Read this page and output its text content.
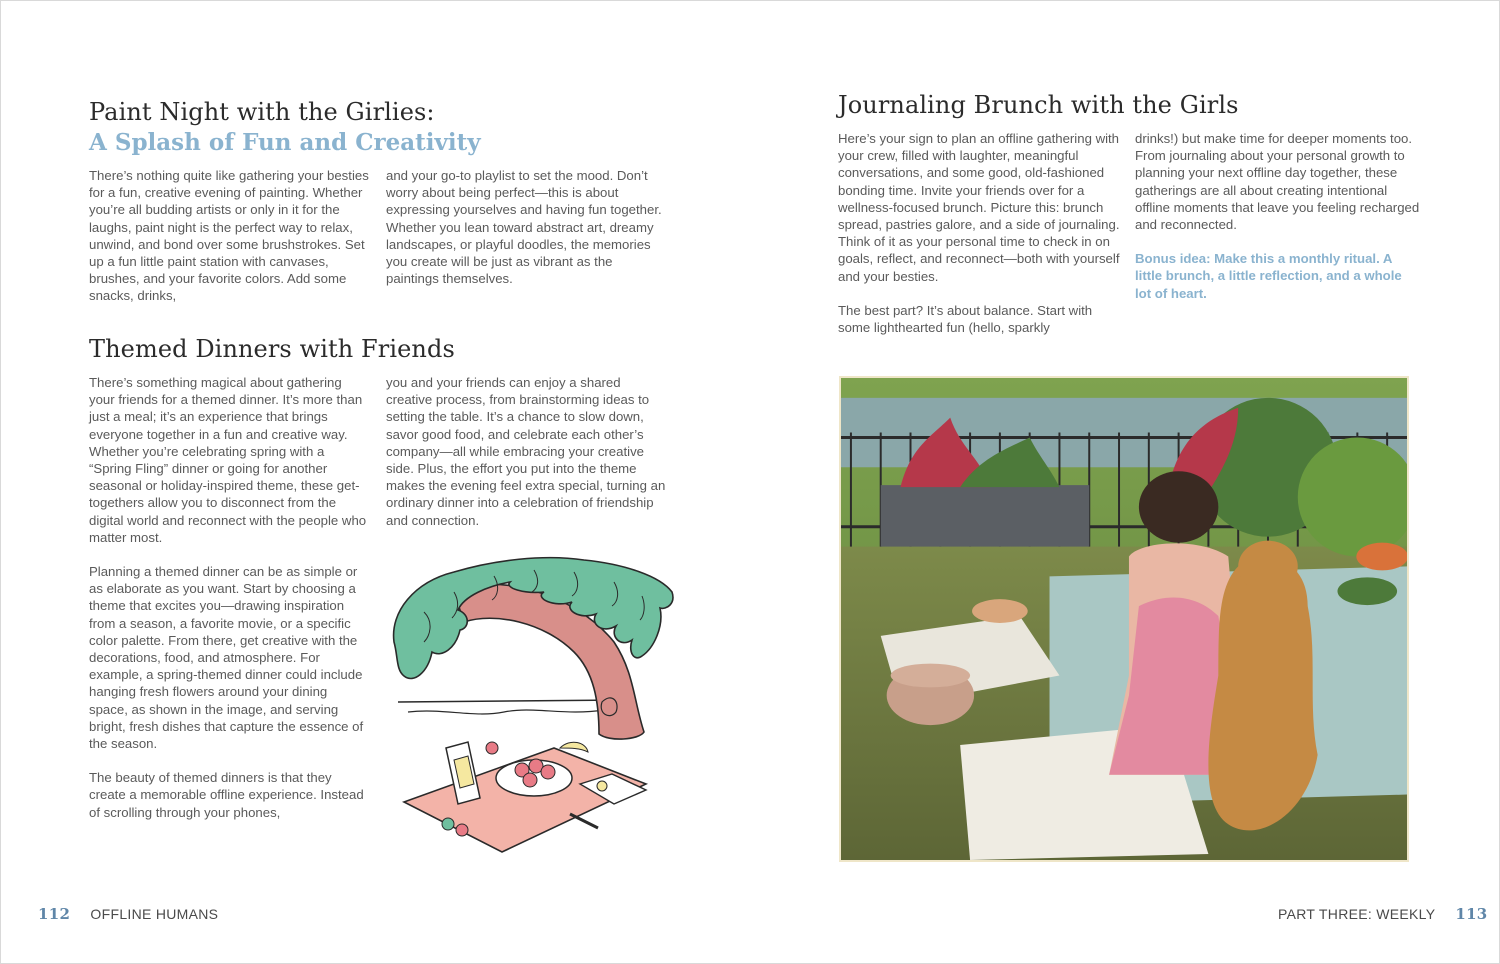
Paint Night with the Girlies:
A Splash of Fun and Creativity

There’s nothing quite like gathering your besties for a fun, creative evening of painting. Whether you’re all budding artists or only in it for the laughs, paint night is the perfect way to relax, unwind, and bond over some brushstrokes. Set up a fun little paint station with canvases, brushes, and your favorite colors. Add some snacks, drinks,

and your go-to playlist to set the mood. Don’t worry about being perfect—this is about expressing yourselves and having fun together. Whether you lean toward abstract art, dreamy landscapes, or playful doodles, the memories you create will be just as vibrant as the paintings themselves.

Themed Dinners with Friends

There’s something magical about gathering your friends for a themed dinner. It’s more than just a meal; it’s an experience that brings everyone together in a fun and creative way. Whether you’re celebrating spring with a “Spring Fling” dinner or going for another seasonal or holiday-inspired theme, these get-togethers allow you to disconnect from the digital world and reconnect with the people who matter most.

Planning a themed dinner can be as simple or as elaborate as you want. Start by choosing a theme that excites you—drawing inspiration from a season, a favorite movie, or a specific color palette. From there, get creative with the decorations, food, and atmosphere. For example, a spring-themed dinner could include hanging fresh flowers around your dining space, as shown in the image, and serving bright, fresh dishes that capture the essence of the season.

The beauty of themed dinners is that they create a memorable offline experience. Instead of scrolling through your phones,

you and your friends can enjoy a shared creative process, from brainstorming ideas to setting the table. It’s a chance to slow down, savor good food, and celebrate each other’s company—all while embracing your creative side. Plus, the effort you put into the theme makes the evening feel extra special, turning an ordinary dinner into a celebration of friendship and connection.

Journaling Brunch with the Girls

Here’s your sign to plan an offline gathering with your crew, filled with laughter, meaningful conversations, and some good, old-fashioned bonding time. Invite your friends over for a wellness-focused brunch. Picture this: brunch spread, pastries galore, and a side of journaling. Think of it as your personal time to check in on goals, reflect, and reconnect—both with yourself and your besties.

The best part? It’s about balance. Start with some lighthearted fun (hello, sparkly

drinks!) but make time for deeper moments too. From journaling about your personal growth to planning your next offline day together, these gatherings are all about creating intentional offline moments that leave you feeling recharged and reconnected.

Bonus idea: Make this a monthly ritual. A little brunch, a little reflection, and a whole lot of heart.

112 OFFLINE HUMANS	PART THREE: WEEKLY 113
